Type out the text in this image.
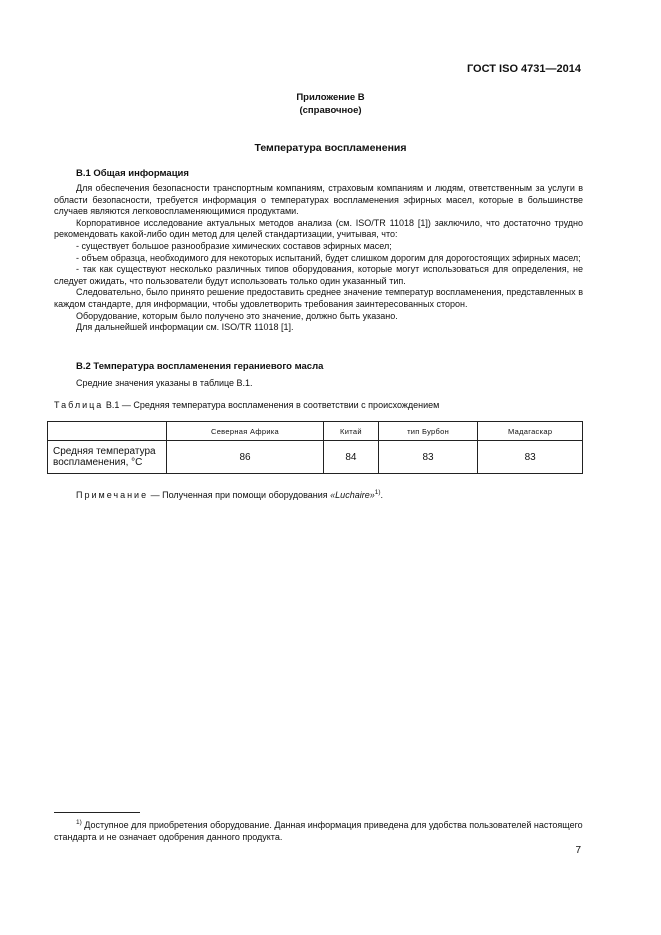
ГОСТ ISO 4731—2014
Приложение В
(справочное)
Температура воспламенения
В.1 Общая информация

Для обеспечения безопасности транспортным компаниям, страховым компаниям и людям, ответственным за услуги в области безопасности, требуется информация о температурах воспламенения эфирных масел, которые в большинстве случаев являются легковоспламеняющимися продуктами.

Корпоративное исследование актуальных методов анализа (см. ISO/TR 11018 [1]) заключило, что достаточно трудно рекомендовать какой-либо один метод для целей стандартизации, учитывая, что:

- существует большое разнообразие химических составов эфирных масел;

- объем образца, необходимого для некоторых испытаний, будет слишком дорогим для дорогостоящих эфирных масел;

- так как существуют несколько различных типов оборудования, которые могут использоваться для определения, не следует ожидать, что пользователи будут использовать только один указанный тип.

Следовательно, было принято решение предоставить среднее значение температур воспламенения, представленных в каждом стандарте, для информации, чтобы удовлетворить требования заинтересованных сторон.

Оборудование, которым было получено это значение, должно быть указано.

Для дальнейшей информации см. ISO/TR 11018 [1].

В.2 Температура воспламенения гераниевого масла
Средние значения указаны в таблице В.1.
Таблица В.1 — Средняя температура воспламенения в соответствии с происхождением
	Северная Африка	Китай	тип Бурбон	Мадагаскар
Средняя температура воспламенения, °С	86	84	83	83
Примечание — Полученная при помощи оборудования «Luchaire»$^{1)}$.

$^{1)}$ Доступное для приобретения оборудование. Данная информация приведена для удобства пользователей настоящего стандарта и не означает одобрения данного продукта.

7
